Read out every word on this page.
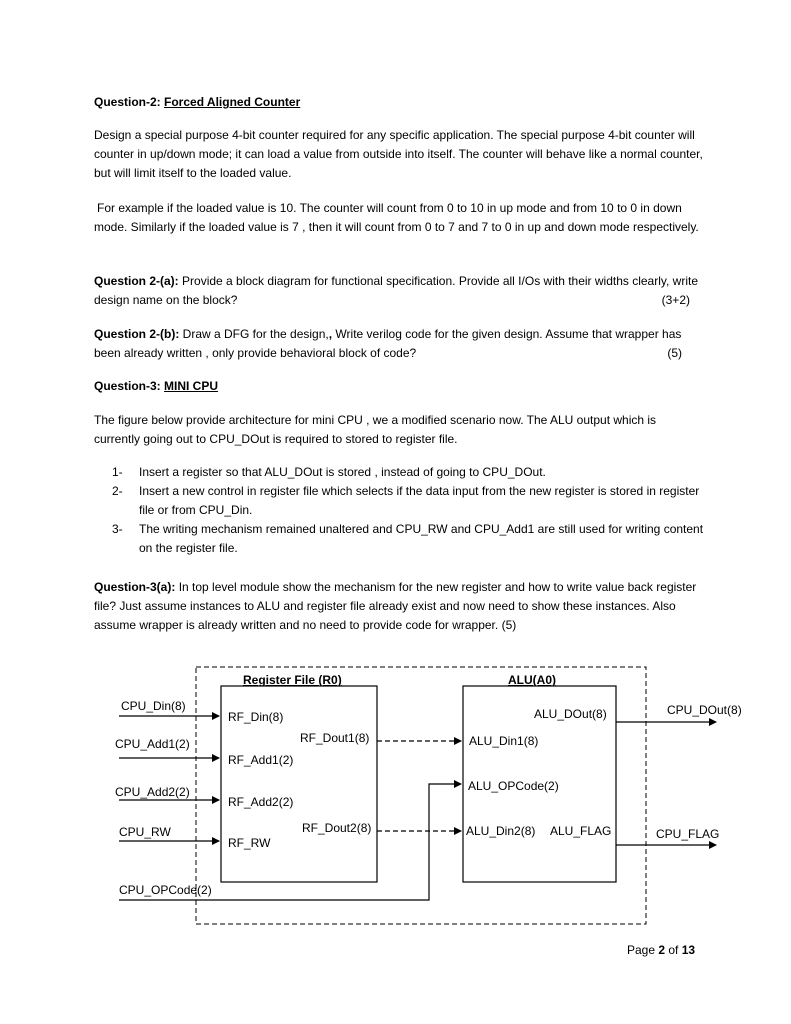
Question-2: Forced Aligned Counter

Design a special purpose 4-bit counter required for any specific application. The special purpose 4-bit counter will counter in up/down mode; it can load a value from outside into itself. The counter will behave like a normal counter, but will limit itself to the loaded value.

For example if the loaded value is 10. The counter will count from 0 to 10 in up mode and from 10 to 0 in down mode. Similarly if the loaded value is 7 , then it will count from 0 to 7 and 7 to 0 in up and down mode respectively.

Question 2-(a): Provide a block diagram for functional specification. Provide all I/Os with their widths clearly, write design name on the block?	(3+2)
Question 2-(b): Draw a DFG for the design,, Write verilog code for the given design. Assume that wrapper has been already written , only provide behavioral block of code?	(5)
Question-3: MINI CPU

The figure below provide architecture for mini CPU , we a modified scenario now. The ALU output which is currently going out to CPU_DOut is required to stored to register file.

1- Insert a register so that ALU_DOut is stored , instead of going to CPU_DOut.
2- Insert a new control in register file which selects if the data input from the new register is stored in register file or from CPU_Din.
3- The writing mechanism remained unaltered and CPU_RW and CPU_Add1 are still used for writing content on the register file.
Question-3(a): In top level module show the mechanism for the new register and how to write value back register file? Just assume instances to ALU and register file already exist and now need to show these instances. Also assume wrapper is already written and no need to provide code for wrapper. (5)
Register File (R0)	ALU(A0)
CPU_Din(8)
CPU_Add1(2)
CPU_Add2(2)
CPU_RW
RF_Din(8)
RF_Add1(2)
RF_Add2(2)
RF_RW
RF_Dout1(8)
RF_Dout2(8)
ALU_DOut(8)
ALU_Din1(8)
ALU_OPCode(2)
ALU_Din2(8) ALU_FLAG
CPU_OPCode(2)
CPU_DOut(8)
CPU_FLAG
Page 2 of 13
